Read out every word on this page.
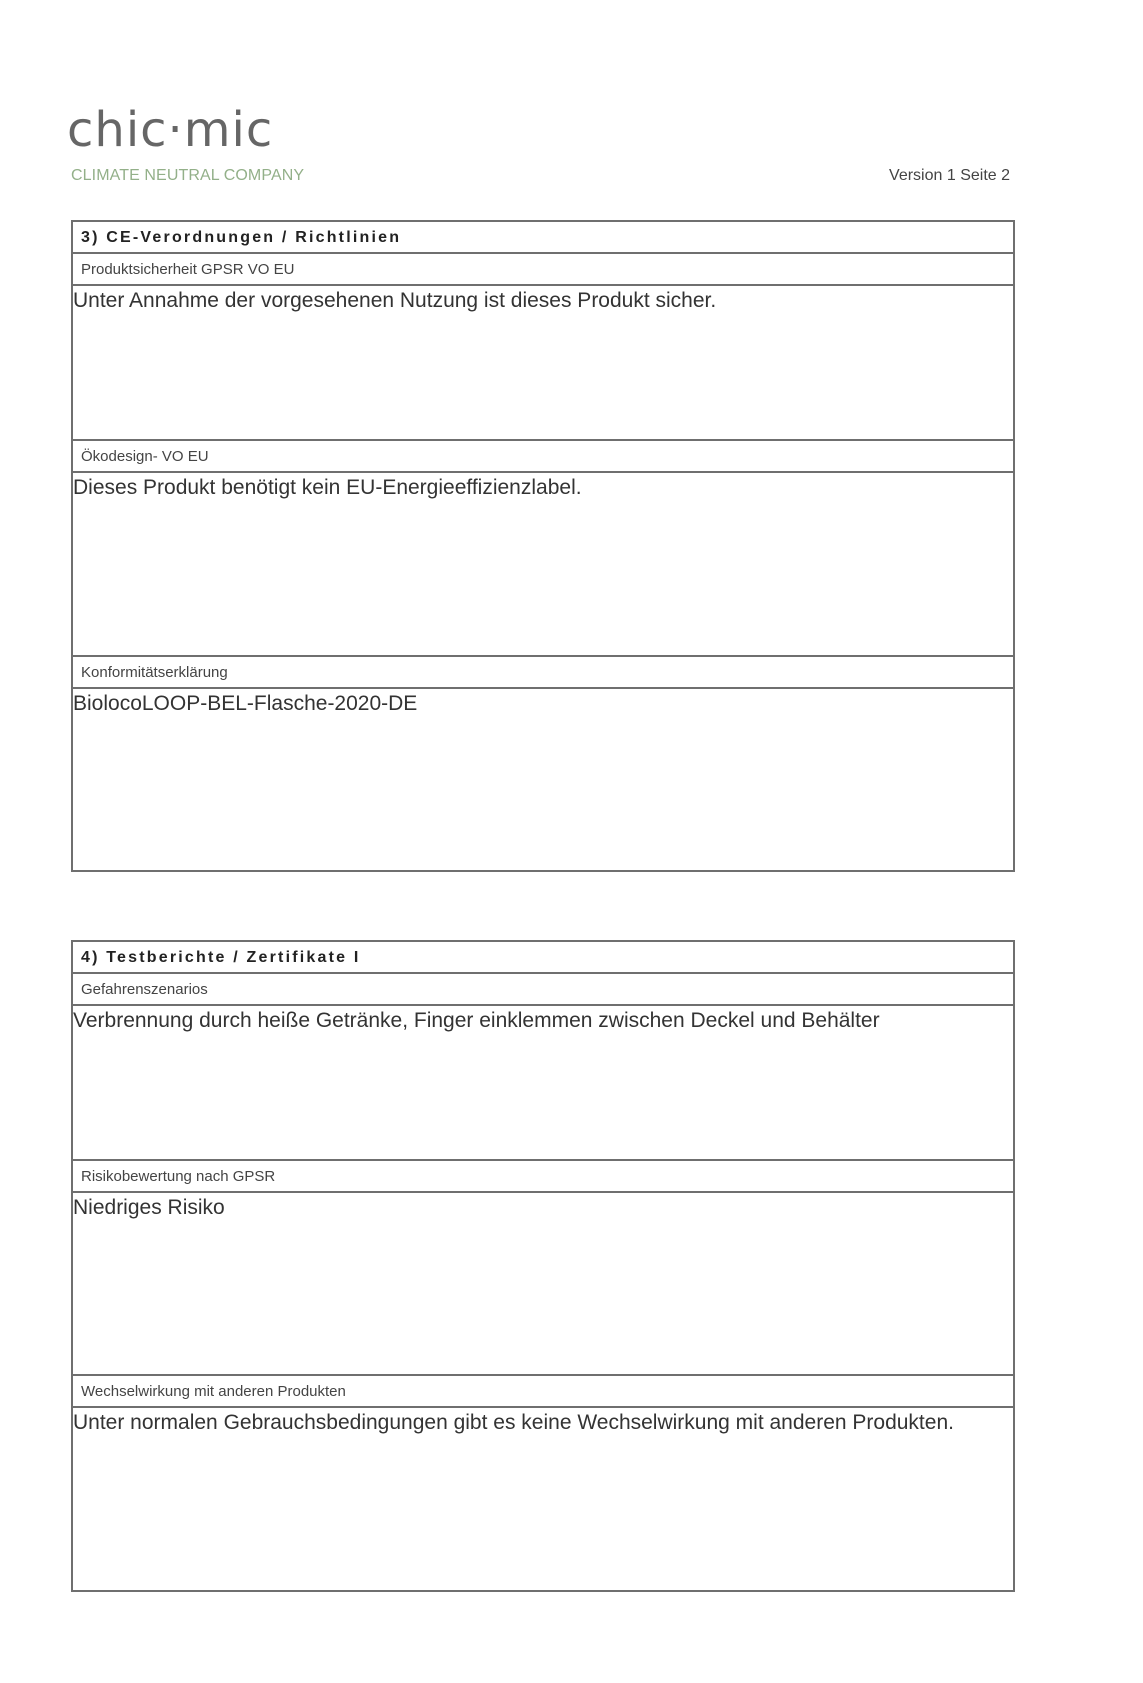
chic·mic
CLIMATE NEUTRAL COMPANY	Version 1 Seite 2
3) CE-Verordnungen / Richtlinien
Produktsicherheit GPSR VO EU
Unter Annahme der vorgesehenen Nutzung ist dieses Produkt sicher.
Ökodesign- VO EU
Dieses Produkt benötigt kein EU-Energieeffizienzlabel.
Konformitätserklärung
BiolocoLOOP-BEL-Flasche-2020-DE
4) Testberichte / Zertifikate I
Gefahrenszenarios
Verbrennung durch heiße Getränke, Finger einklemmen zwischen Deckel und Behälter
Risikobewertung nach GPSR
Niedriges Risiko
Wechselwirkung mit anderen Produkten
Unter normalen Gebrauchsbedingungen gibt es keine Wechselwirkung mit anderen Produkten.
